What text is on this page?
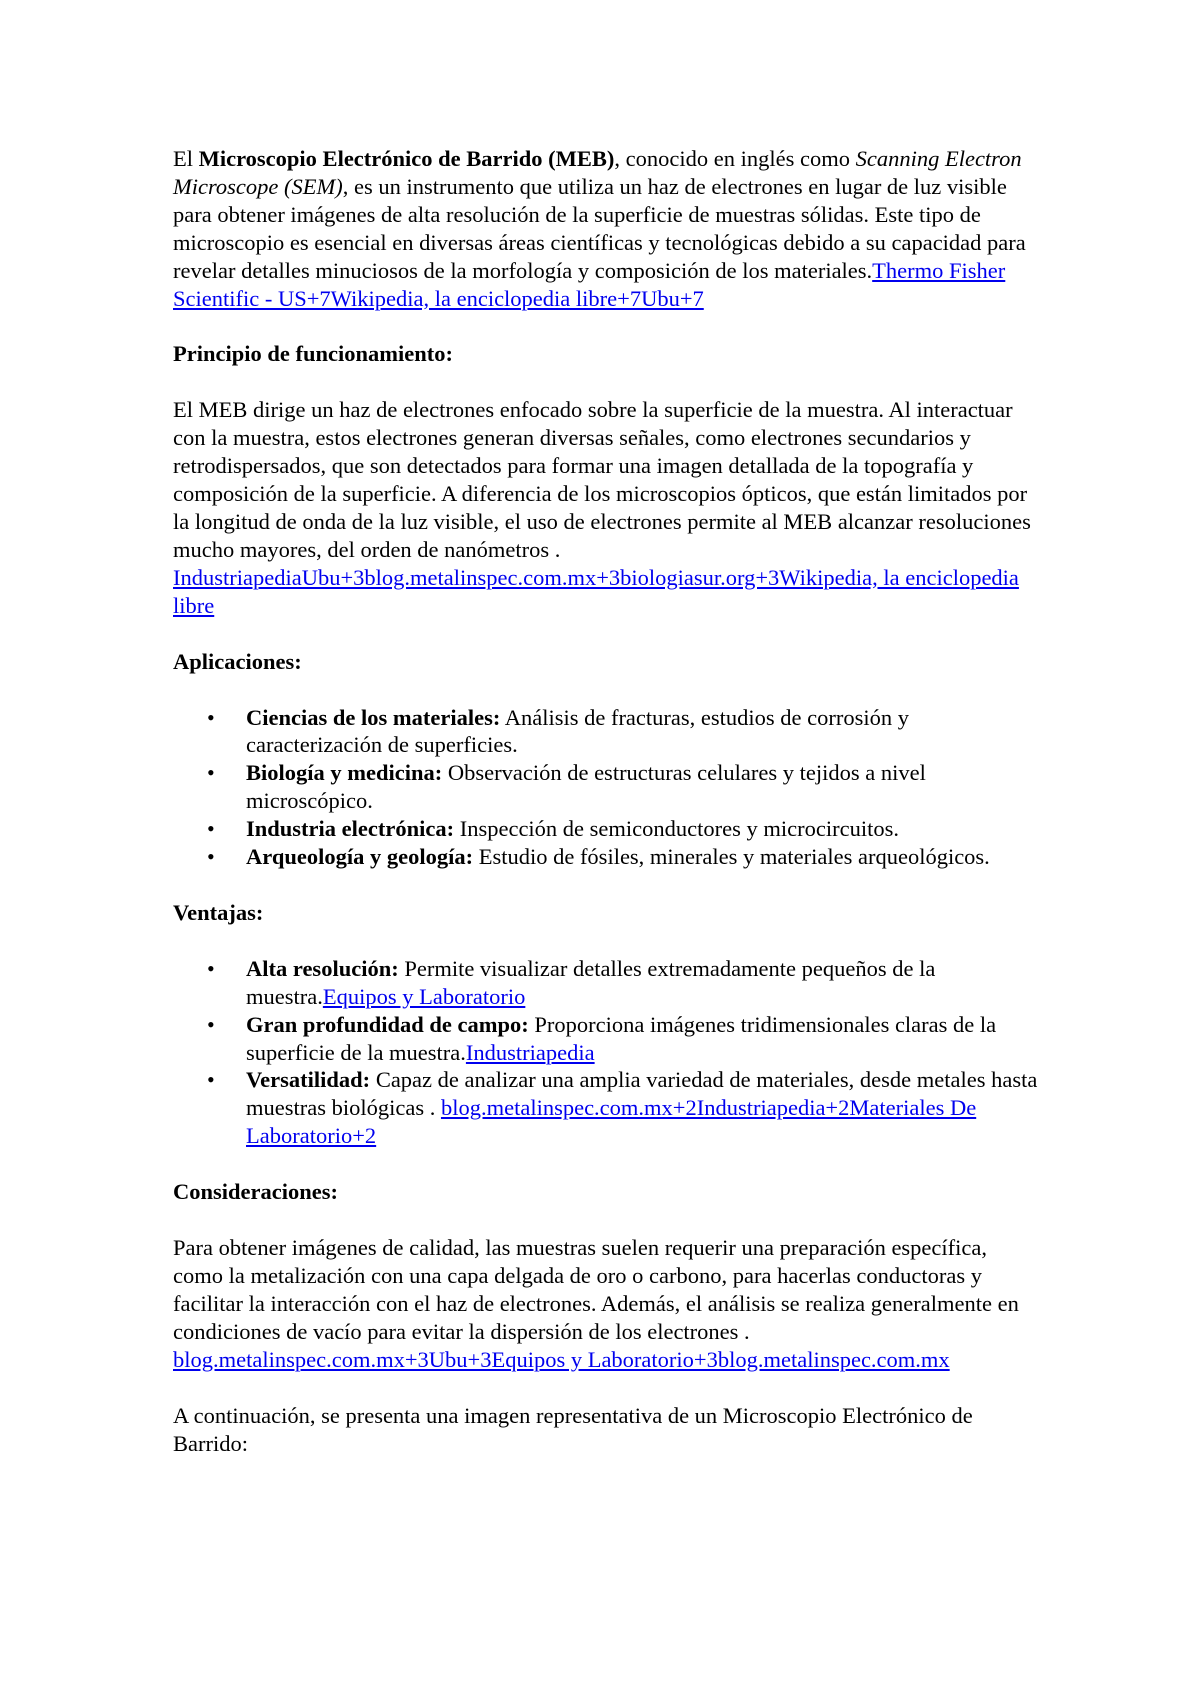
El Microscopio Electrónico de Barrido (MEB), conocido en inglés como Scanning Electron Microscope (SEM), es un instrumento que utiliza un haz de electrones en lugar de luz visible para obtener imágenes de alta resolución de la superficie de muestras sólidas. Este tipo de microscopio es esencial en diversas áreas científicas y tecnológicas debido a su capacidad para revelar detalles minuciosos de la morfología y composición de los materiales.Thermo Fisher Scientific - US+7Wikipedia, la enciclopedia libre+7Ubu+7

Principio de funcionamiento:

El MEB dirige un haz de electrones enfocado sobre la superficie de la muestra. Al interactuar con la muestra, estos electrones generan diversas señales, como electrones secundarios y retrodispersados, que son detectados para formar una imagen detallada de la topografía y composición de la superficie. A diferencia de los microscopios ópticos, que están limitados por la longitud de onda de la luz visible, el uso de electrones permite al MEB alcanzar resoluciones mucho mayores, del orden de nanómetros . IndustriapediaUbu+3blog.metalinspec.com.mx+3biologiasur.org+3Wikipedia, la enciclopedia libre

Aplicaciones:

• Ciencias de los materiales: Análisis de fracturas, estudios de corrosión y caracterización de superficies.
• Biología y medicina: Observación de estructuras celulares y tejidos a nivel microscópico.
• Industria electrónica: Inspección de semiconductores y microcircuitos.
• Arqueología y geología: Estudio de fósiles, minerales y materiales arqueológicos.

Ventajas:

• Alta resolución: Permite visualizar detalles extremadamente pequeños de la muestra.Equipos y Laboratorio
• Gran profundidad de campo: Proporciona imágenes tridimensionales claras de la superficie de la muestra.Industriapedia
• Versatilidad: Capaz de analizar una amplia variedad de materiales, desde metales hasta muestras biológicas . blog.metalinspec.com.mx+2Industriapedia+2Materiales De Laboratorio+2

Consideraciones:

Para obtener imágenes de calidad, las muestras suelen requerir una preparación específica, como la metalización con una capa delgada de oro o carbono, para hacerlas conductoras y facilitar la interacción con el haz de electrones. Además, el análisis se realiza generalmente en condiciones de vacío para evitar la dispersión de los electrones . blog.metalinspec.com.mx+3Ubu+3Equipos y Laboratorio+3blog.metalinspec.com.mx

A continuación, se presenta una imagen representativa de un Microscopio Electrónico de Barrido:
